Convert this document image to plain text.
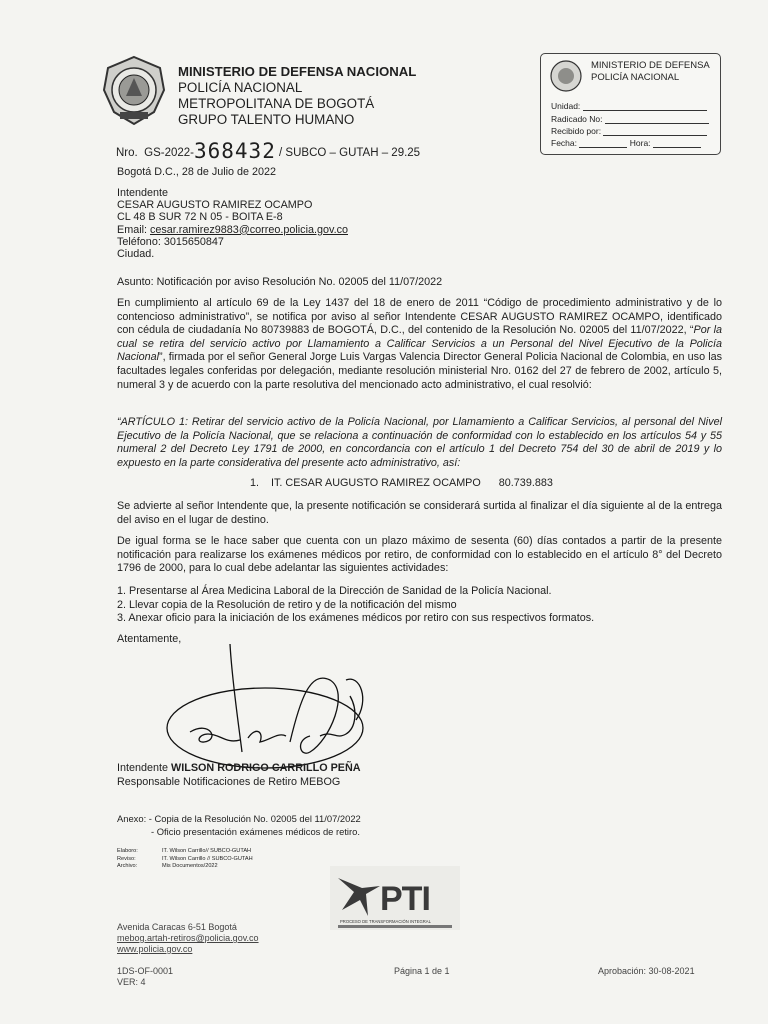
MINISTERIO DE DEFENSA NACIONAL
POLICÍA NACIONAL
METROPOLITANA DE BOGOTÁ
GRUPO TALENTO HUMANO
MINISTERIO DE DEFENSA
POLICÍA NACIONAL
Unidad:
Radicado No:
Recibido por:
Fecha:	Hora:
Nro. GS-2022-368432 / SUBCO – GUTAH – 29.25
Bogotá D.C., 28 de Julio de 2022
Intendente
CESAR AUGUSTO RAMIREZ OCAMPO
CL 48 B SUR 72 N 05 - BOITA E-8
Email: cesar.ramirez9883@correo.policia.gov.co
Teléfono: 3015650847
Ciudad.
Asunto: Notificación por aviso Resolución No. 02005 del 11/07/2022
En cumplimiento al artículo 69 de la Ley 1437 del 18 de enero de 2011 “Código de procedimiento administrativo y de lo contencioso administrativo”, se notifica por aviso al señor Intendente CESAR AUGUSTO RAMIREZ OCAMPO, identificado con cédula de ciudadanía No 80739883 de BOGOTÁ, D.C., del contenido de la Resolución No. 02005 del 11/07/2022, “Por la cual se retira del servicio activo por Llamamiento a Calificar Servicios a un Personal del Nivel Ejecutivo de la Policía Nacional”, firmada por el señor General Jorge Luis Vargas Valencia Director General Policia Nacional de Colombia, en uso las facultades legales conferidas por delegación, mediante resolución ministerial Nro. 0162 del 27 de febrero de 2002, artículo 5, numeral 3 y de acuerdo con la parte resolutiva del mencionado acto administrativo, el cual resolvió:
“ARTÍCULO 1: Retirar del servicio activo de la Policía Nacional, por Llamamiento a Calificar Servicios, al personal del Nivel Ejecutivo de la Policía Nacional, que se relaciona a continuación de conformidad con lo establecido en los artículos 54 y 55 numeral 2 del Decreto Ley 1791 de 2000, en concordancia con el artículo 1 del Decreto 754 del 30 de abril de 2019 y lo expuesto en la parte considerativa del presente acto administrativo, así:
1. IT. CESAR AUGUSTO RAMIREZ OCAMPO 80.739.883
Se advierte al señor Intendente que, la presente notificación se considerará surtida al finalizar el día siguiente al de la entrega del aviso en el lugar de destino.
De igual forma se le hace saber que cuenta con un plazo máximo de sesenta (60) días contados a partir de la presente notificación para realizarse los exámenes médicos por retiro, de conformidad con lo establecido en el artículo 8° del Decreto 1796 de 2000, para lo cual debe adelantar las siguientes actividades:
1. Presentarse al Área Medicina Laboral de la Dirección de Sanidad de la Policía Nacional.
2. Llevar copia de la Resolución de retiro y de la notificación del mismo
3. Anexar oficio para la iniciación de los exámenes médicos por retiro con sus respectivos formatos.
Atentamente,
Intendente WILSON RODRIGO CARRILLO PEÑA
Responsable Notificaciones de Retiro MEBOG
Anexo: - Copia de la Resolución No. 02005 del 11/07/2022
- Oficio presentación exámenes médicos de retiro.
Elaboro:	IT. Wilson Carrillo// SUBCO-GUTAH
Reviso:	IT. Wilson Carrillo // SUBCO-GUTAH
Archivo:	Mis Documentos/2022
PTI
PROCESO DE TRANSFORMACIÓN INTEGRAL
Avenida Caracas 6-51 Bogotá
mebog.artah-retiros@policia.gov.co
www.policia.gov.co
1DS-OF-0001
VER: 4
Página 1 de 1	Aprobación: 30-08-2021
